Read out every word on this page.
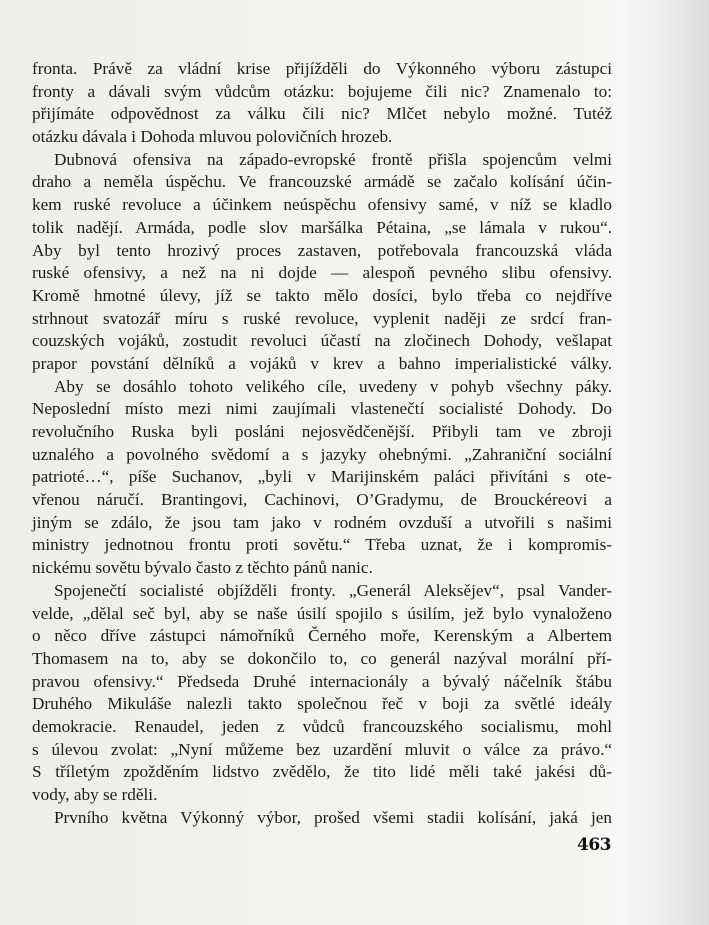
fronta. Právě za vládní krise přijížděli do Výkonného výboru zástupci
fronty a dávali svým vůdcům otázku: bojujeme čili nic? Znamenalo to:
přijímáte odpovědnost za válku čili nic? Mlčet nebylo možné. Tutéž
otázku dávala i Dohoda mluvou polovičních hrozeb.
Dubnová ofensiva na západo-evropské frontě přišla spojencům velmi
draho a neměla úspěchu. Ve francouzské armádě se začalo kolísání účin-
kem ruské revoluce a účinkem neúspěchu ofensivy samé, v níž se kladlo
tolik nadějí. Armáda, podle slov maršálka Pétaina, „se lámala v rukou“.
Aby byl tento hrozivý proces zastaven, potřebovala francouzská vláda
ruské ofensivy, a než na ni dojde — alespoň pevného slibu ofensivy.
Kromě hmotné úlevy, jíž se takto mělo dosíci, bylo třeba co nejdříve
strhnout svatozář míru s ruské revoluce, vyplenit naději ze srdcí fran-
couzských vojáků, zostudit revoluci účastí na zločinech Dohody, vešlapat
prapor povstání dělníků a vojáků v krev a bahno imperialistické války.
Aby se dosáhlo tohoto velikého cíle, uvedeny v pohyb všechny páky.
Neposlední místo mezi nimi zaujímali vlastenečtí socialisté Dohody. Do
revolučního Ruska byli posláni nejosvědčenější. Přibyli tam ve zbroji
uznalého a povolného svědomí a s jazyky ohebnými. „Zahraniční sociální
patrioté…“, píše Suchanov, „byli v Marijinském paláci přivítáni s ote-
vřenou náručí. Brantingovi, Cachinovi, O’Gradymu, de Brouckéreovi a
jiným se zdálo, že jsou tam jako v rodném ovzduší a utvořili s našimi
ministry jednotnou frontu proti sovětu.“ Třeba uznat, že i kompromis-
nickému sovětu bývalo často z těchto pánů nanic.
Spojenečtí socialisté objížděli fronty. „Generál Aleksějev“, psal Vander-
velde, „dělal seč byl, aby se naše úsilí spojilo s úsilím, jež bylo vynaloženo
o něco dříve zástupci námořníků Černého moře, Kerenským a Albertem
Thomasem na to, aby se dokončilo to, co generál nazýval morální pří-
pravou ofensivy.“ Předseda Druhé internacionály a bývalý náčelník štábu
Druhého Mikuláše nalezli takto společnou řeč v boji za světlé ideály
demokracie. Renaudel, jeden z vůdců francouzského socialismu, mohl
s úlevou zvolat: „Nyní můžeme bez uzardění mluvit o válce za právo.“
S tříletým zpožděním lidstvo zvědělo, že tito lidé měli také jakési dů-
vody, aby se rděli.
Prvního května Výkonný výbor, prošed všemi stadii kolísání, jaká jen
463
